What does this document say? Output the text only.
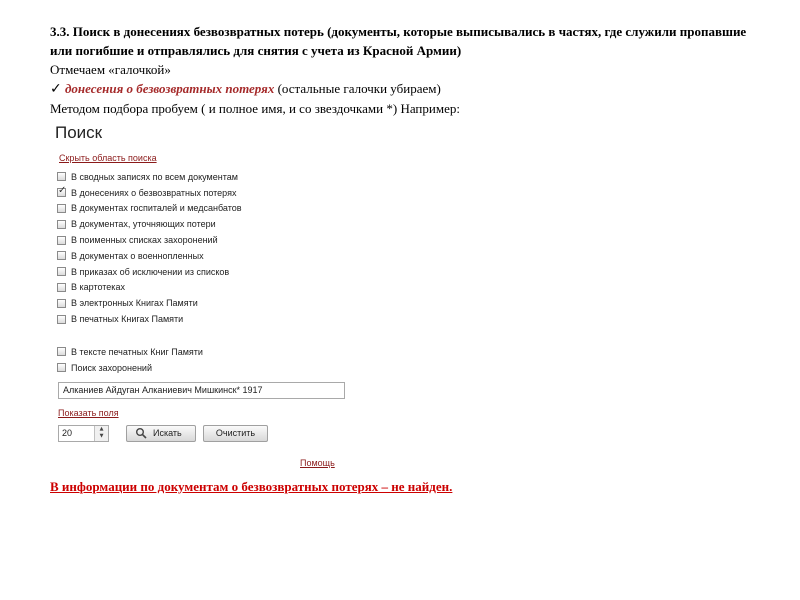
3.3. Поиск в донесениях безвозвратных потерь (документы, которые выписывались в частях, где служили пропавшие или погибшие и отправлялись для снятия с учета из Красной Армии)
Отмечаем «галочкой»
✓ донесения о безвозвратных потерях (остальные галочки убираем)
Методом подбора пробуем ( и полное имя, и со звездочками *) Например:
Поиск
Скрыть область поиска
В сводных записях по всем документам
✓
В донесениях о безвозвратных потерях
В документах госпиталей и медсанбатов
В документах, уточняющих потери
В поименных списках захоронений
В документах о военнопленных
В приказах об исключении из списков
В картотеках
В электронных Книгах Памяти
В печатных Книгах Памяти
В тексте печатных Книг Памяти
Поиск захоронений
Алканиев Айдуган Алканиевич Мишкинск* 1917
Показать поля
20	▲
▼	Искать	Очистить
Помощь
В информации по документам о безвозвратных потерях – не найден.
